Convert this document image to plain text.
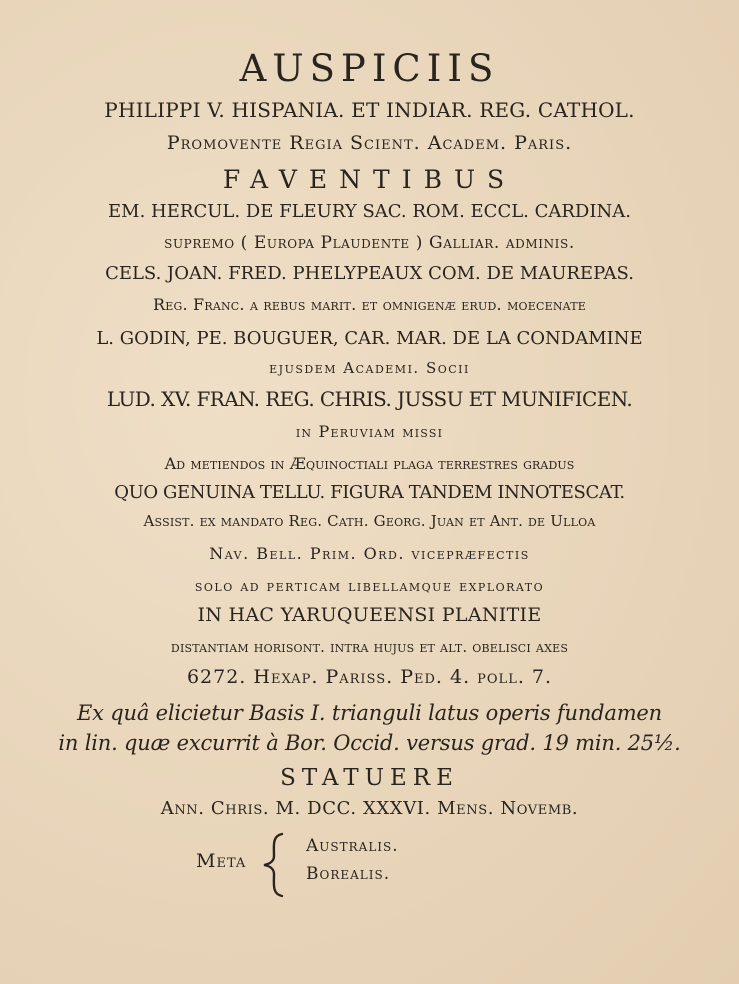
AUSPICIIS
PHILIPPI V. HISPANIA. ET INDIAR. REG. CATHOL.
Promovente Regia Scient. Academ. Paris.
FAVENTIBUS
EM. HERCUL. DE FLEURY SAC. ROM. ECCL. CARDINA.
supremo ( Europa Plaudente ) Galliar. adminis.
CELS. JOAN. FRED. PHELYPEAUX COM. DE MAUREPAS.
Reg. Franc. a rebus marit. et omnigenæ erud. moecenate
L. GODIN, PE. BOUGUER, CAR. MAR. DE LA CONDAMINE
ejusdem Academi. Socii
LUD. XV. FRAN. REG. CHRIS. JUSSU ET MUNIFICEN.
in Peruviam missi
Ad metiendos in Æquinoctiali plaga terrestres gradus
QUO GENUINA TELLU. FIGURA TANDEM INNOTESCAT.
Assist. ex mandato Reg. Cath. Georg. Juan et Ant. de Ulloa
Nav. Bell. Prim. Ord. vicepræfectis
solo ad perticam libellamque explorato
IN HAC YARUQUEENSI PLANITIE
distantiam horisont. intra hujus et alt. obelisci axes
6272. Hexap. Pariss. Ped. 4. poll. 7.
Ex quâ elicietur Basis I. trianguli latus operis fundamen
in lin. quæ excurrit à Bor. Occid. versus grad. 19 min. 25½.
STATUERE
Ann. Chris. M. DCC. XXXVI. Mens. Novemb.
Meta
Australis.
Borealis.
